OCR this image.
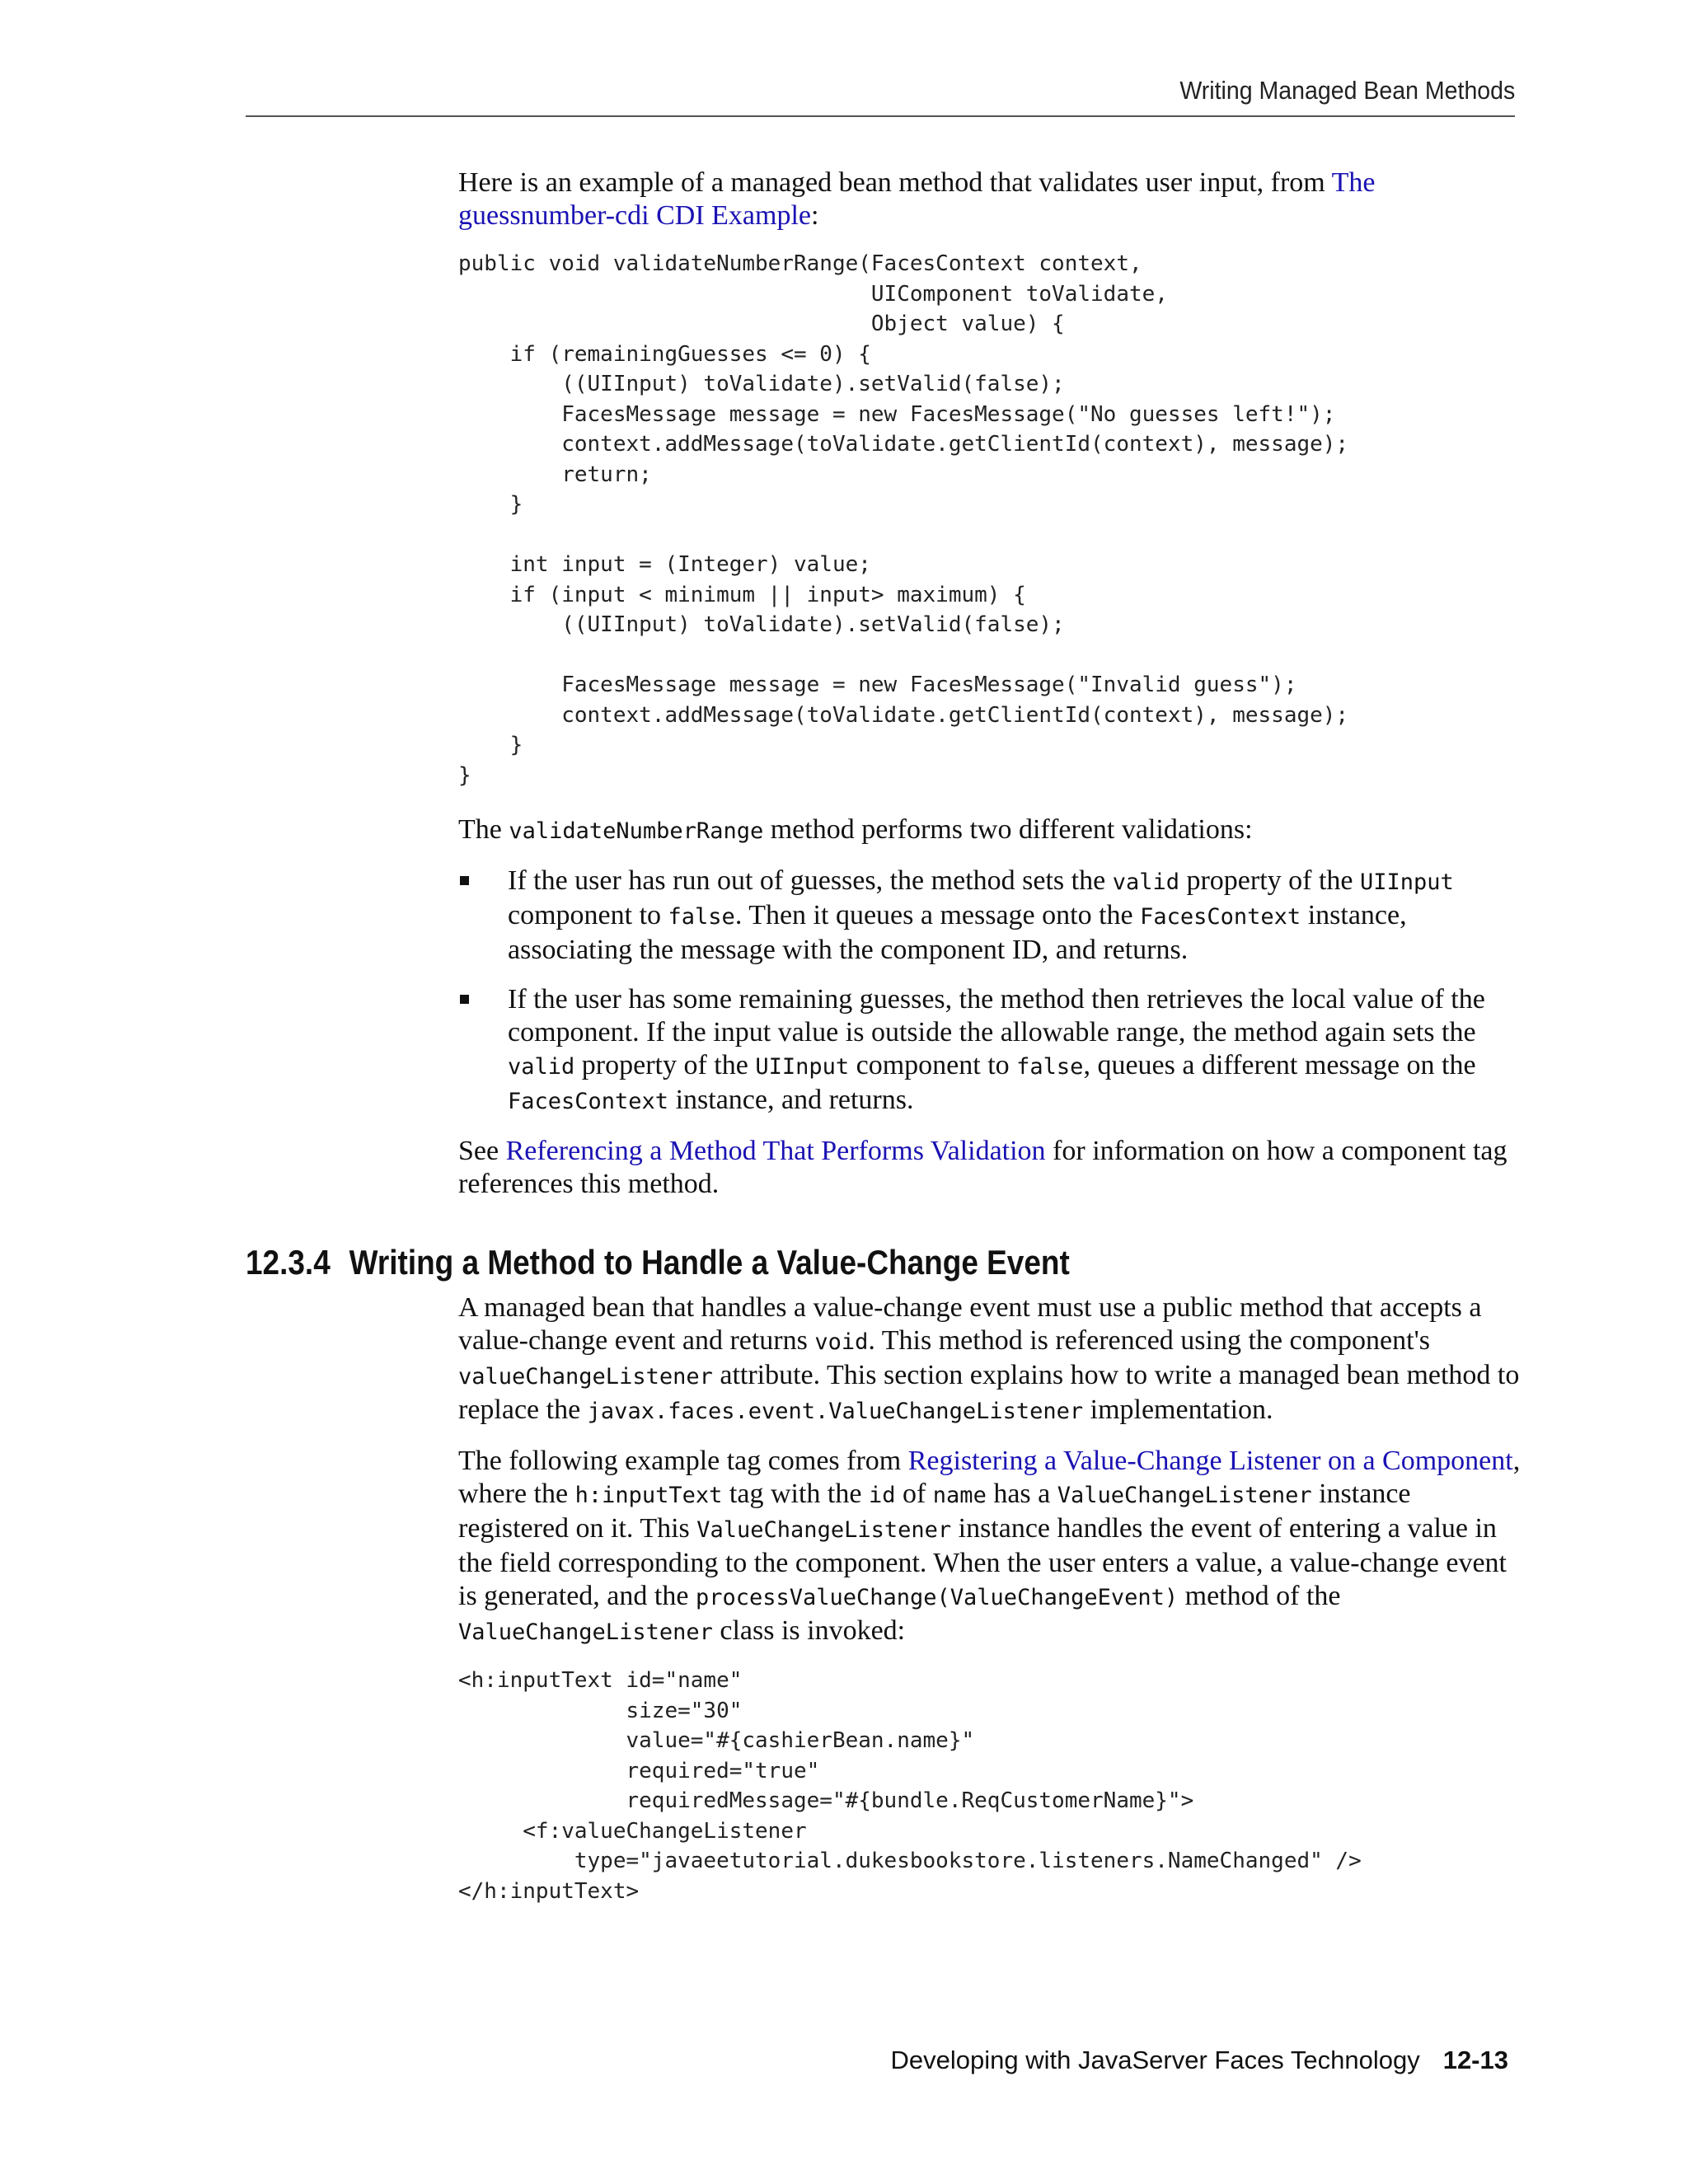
Writing Managed Bean Methods

Here is an example of a managed bean method that validates user input, from The guessnumber-cdi CDI Example:

public void validateNumberRange(FacesContext context,
UIComponent toValidate,
Object value) {
if (remainingGuesses <= 0) {
((UIInput) toValidate).setValid(false);
FacesMessage message = new FacesMessage("No guesses left!");
context.addMessage(toValidate.getClientId(context), message);
return;
}

int input = (Integer) value;
if (input < minimum || input> maximum) {
((UIInput) toValidate).setValid(false);

FacesMessage message = new FacesMessage("Invalid guess");
context.addMessage(toValidate.getClientId(context), message);
}
}

The validateNumberRange method performs two different validations:

If the user has run out of guesses, the method sets the valid property of the UIInput component to false. Then it queues a message onto the FacesContext instance, associating the message with the component ID, and returns.
If the user has some remaining guesses, the method then retrieves the local value of the component. If the input value is outside the allowable range, the method again sets the valid property of the UIInput component to false, queues a different message on the FacesContext instance, and returns.

See Referencing a Method That Performs Validation for information on how a component tag references this method.

12.3.4 Writing a Method to Handle a Value-Change Event

A managed bean that handles a value-change event must use a public method that accepts a value-change event and returns void. This method is referenced using the component's valueChangeListener attribute. This section explains how to write a managed bean method to replace the javax.faces.event.ValueChangeListener implementation.

The following example tag comes from Registering a Value-Change Listener on a Component, where the h:inputText tag with the id of name has a ValueChangeListener instance registered on it. This ValueChangeListener instance handles the event of entering a value in the field corresponding to the component. When the user enters a value, a value-change event is generated, and the processValueChange(ValueChangeEvent) method of the ValueChangeListener class is invoked:

<h:inputText id="name"
size="30"
value="#{cashierBean.name}"
required="true"
requiredMessage="#{bundle.ReqCustomerName}">
<f:valueChangeListener
type="javaeetutorial.dukesbookstore.listeners.NameChanged" />
</h:inputText>
Developing with JavaServer Faces Technology 12-13
